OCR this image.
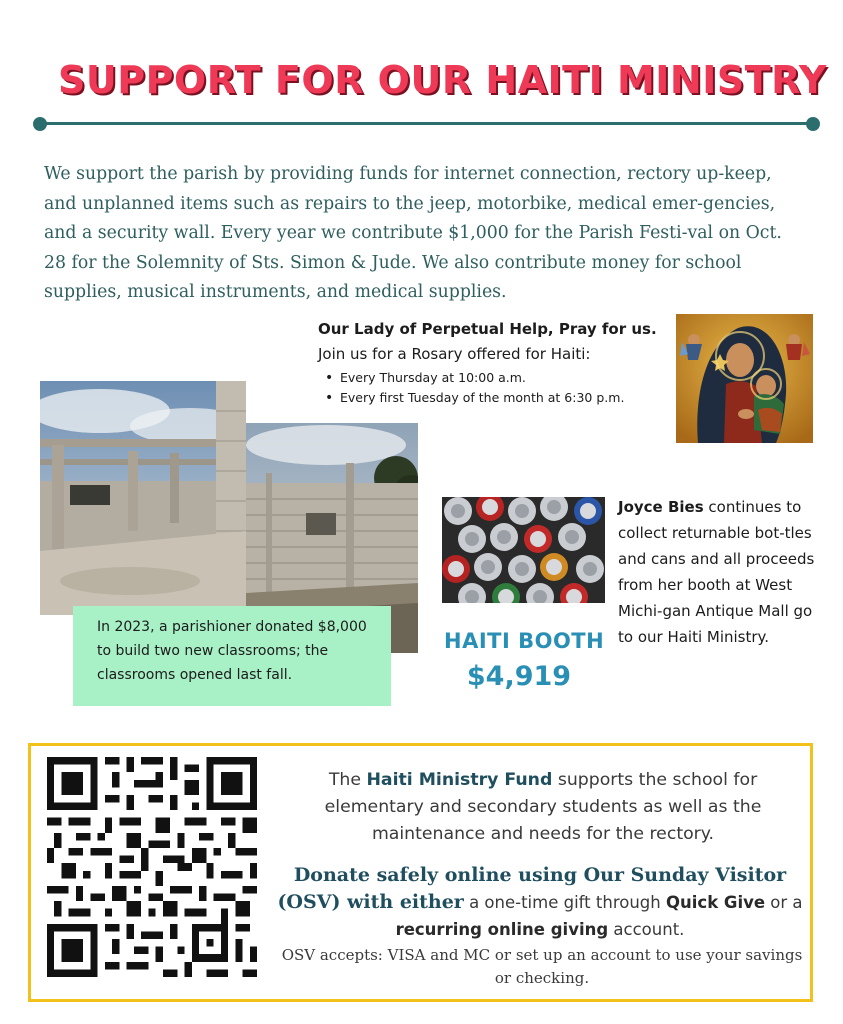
SUPPORT FOR OUR HAITI MINISTRY
We support the parish by providing funds for internet connection, rectory up-keep, and unplanned items such as repairs to the jeep, motorbike, medical emer-gencies, and a security wall. Every year we contribute $1,000 for the Parish Festi-val on Oct. 28 for the Solemnity of Sts. Simon & Jude. We also contribute money for school supplies, musical instruments, and medical supplies.
Our Lady of Perpetual Help, Pray for us.
Join us for a Rosary offered for Haiti:
• Every Thursday at 10:00 a.m.
• Every first Tuesday of the month at 6:30 p.m.
In 2023, a parishioner donated $8,000 to build two new classrooms; the classrooms opened last fall.
HAITI BOOTH
$4,919
Joyce Bies continues to collect returnable bot-tles and cans and all proceeds from her booth at West Michi-gan Antique Mall go to our Haiti Ministry.
The Haiti Ministry Fund supports the school for elementary and secondary students as well as the maintenance and needs for the rectory.
Donate safely online using Our Sunday Visitor (OSV) with either a one-time gift through Quick Give or a recurring online giving account.
OSV accepts: VISA and MC or set up an account to use your savings or checking.
